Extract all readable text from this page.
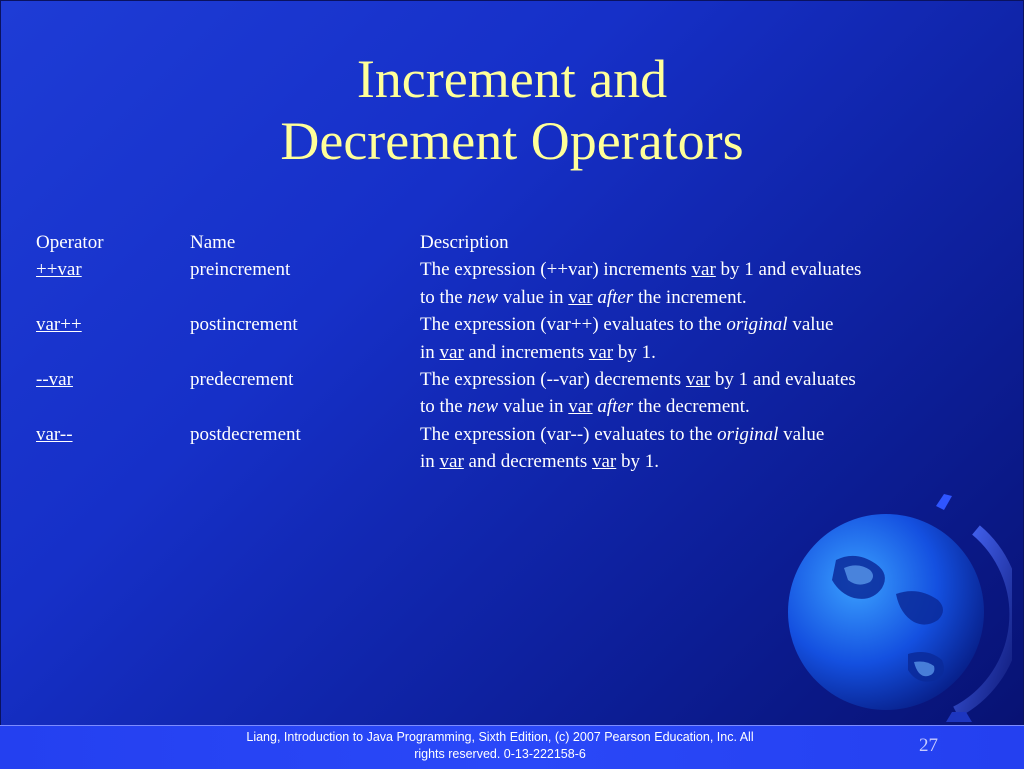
Increment and
Decrement Operators
Operator	Name	Description
++var	preincrement	The expression (++var) increments var by 1 and evaluates
to the new value in var after the increment.
var++	postincrement	The expression (var++) evaluates to the original value
in var and increments var by 1.
--var	predecrement	The expression (--var) decrements var by 1 and evaluates
to the new value in var after the decrement.
var--	postdecrement	The expression (var--) evaluates to the original value
in var and decrements var by 1.
Liang, Introduction to Java Programming, Sixth Edition, (c) 2007 Pearson Education, Inc. All
rights reserved. 0-13-222158-6	27
